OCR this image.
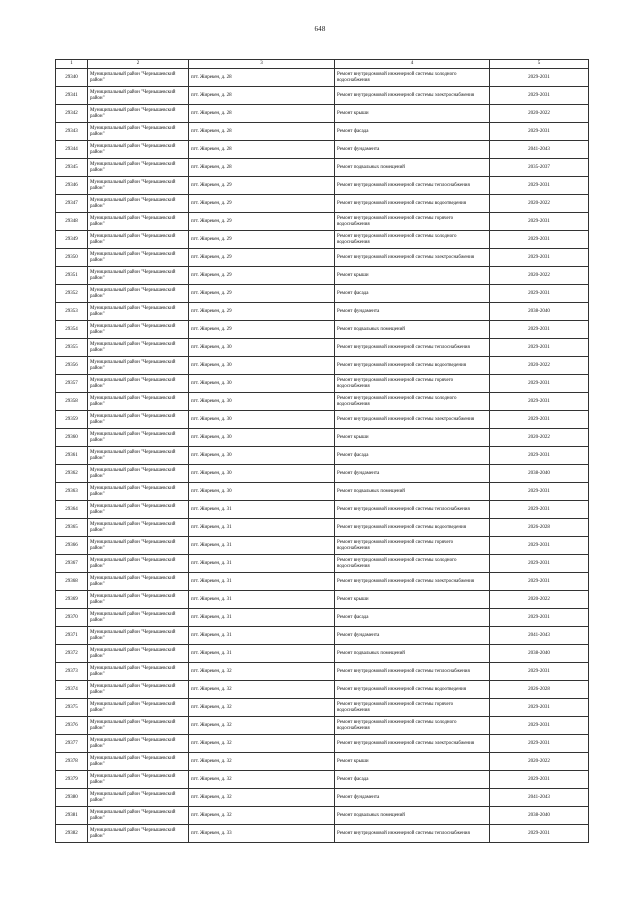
648
1	2	3	4	5
29340	Муниципальный район "Чернышевский район"	пгт. Жирекен, д. 28	Ремонт внутридомовой инженерной системы холодного водоснабжения	2029-2031
29341	Муниципальный район "Чернышевский район"	пгт. Жирекен, д. 28	Ремонт внутридомовой инженерной системы электроснабжения	2029-2031
29342	Муниципальный район "Чернышевский район"	пгт. Жирекен, д. 28	Ремонт крыши	2020-2022
29343	Муниципальный район "Чернышевский район"	пгт. Жирекен, д. 28	Ремонт фасада	2029-2031
29344	Муниципальный район "Чернышевский район"	пгт. Жирекен, д. 28	Ремонт фундамента	2041-2043
29345	Муниципальный район "Чернышевский район"	пгт. Жирекен, д. 28	Ремонт подвальных помещений	2035-2037
29346	Муниципальный район "Чернышевский район"	пгт. Жирекен, д. 29	Ремонт внутридомовой инженерной системы теплоснабжения	2029-2031
29347	Муниципальный район "Чернышевский район"	пгт. Жирекен, д. 29	Ремонт внутридомовой инженерной системы водоотведения	2020-2022
29348	Муниципальный район "Чернышевский район"	пгт. Жирекен, д. 29	Ремонт внутридомовой инженерной системы горячего водоснабжения	2029-2031
29349	Муниципальный район "Чернышевский район"	пгт. Жирекен, д. 29	Ремонт внутридомовой инженерной системы холодного водоснабжения	2029-2031
29350	Муниципальный район "Чернышевский район"	пгт. Жирекен, д. 29	Ремонт внутридомовой инженерной системы электроснабжения	2029-2031
29351	Муниципальный район "Чернышевский район"	пгт. Жирекен, д. 29	Ремонт крыши	2020-2022
29352	Муниципальный район "Чернышевский район"	пгт. Жирекен, д. 29	Ремонт фасада	2029-2031
29353	Муниципальный район "Чернышевский район"	пгт. Жирекен, д. 29	Ремонт фундамента	2038-2040
29354	Муниципальный район "Чернышевский район"	пгт. Жирекен, д. 29	Ремонт подвальных помещений	2029-2031
29355	Муниципальный район "Чернышевский район"	пгт. Жирекен, д. 30	Ремонт внутридомовой инженерной системы теплоснабжения	2029-2031
29356	Муниципальный район "Чернышевский район"	пгт. Жирекен, д. 30	Ремонт внутридомовой инженерной системы водоотведения	2020-2022
29357	Муниципальный район "Чернышевский район"	пгт. Жирекен, д. 30	Ремонт внутридомовой инженерной системы горячего водоснабжения	2029-2031
29358	Муниципальный район "Чернышевский район"	пгт. Жирекен, д. 30	Ремонт внутридомовой инженерной системы холодного водоснабжения	2029-2031
29359	Муниципальный район "Чернышевский район"	пгт. Жирекен, д. 30	Ремонт внутридомовой инженерной системы электроснабжения	2029-2031
29360	Муниципальный район "Чернышевский район"	пгт. Жирекен, д. 30	Ремонт крыши	2020-2022
29361	Муниципальный район "Чернышевский район"	пгт. Жирекен, д. 30	Ремонт фасада	2029-2031
29362	Муниципальный район "Чернышевский район"	пгт. Жирекен, д. 30	Ремонт фундамента	2038-2040
29363	Муниципальный район "Чернышевский район"	пгт. Жирекен, д. 30	Ремонт подвальных помещений	2029-2031
29364	Муниципальный район "Чернышевский район"	пгт. Жирекен, д. 31	Ремонт внутридомовой инженерной системы теплоснабжения	2029-2031
29365	Муниципальный район "Чернышевский район"	пгт. Жирекен, д. 31	Ремонт внутридомовой инженерной системы водоотведения	2026-2028
29366	Муниципальный район "Чернышевский район"	пгт. Жирекен, д. 31	Ремонт внутридомовой инженерной системы горячего водоснабжения	2029-2031
29367	Муниципальный район "Чернышевский район"	пгт. Жирекен, д. 31	Ремонт внутридомовой инженерной системы холодного водоснабжения	2029-2031
29368	Муниципальный район "Чернышевский район"	пгт. Жирекен, д. 31	Ремонт внутридомовой инженерной системы электроснабжения	2029-2031
29369	Муниципальный район "Чернышевский район"	пгт. Жирекен, д. 31	Ремонт крыши	2020-2022
29370	Муниципальный район "Чернышевский район"	пгт. Жирекен, д. 31	Ремонт фасада	2029-2031
29371	Муниципальный район "Чернышевский район"	пгт. Жирекен, д. 31	Ремонт фундамента	2041-2043
29372	Муниципальный район "Чернышевский район"	пгт. Жирекен, д. 31	Ремонт подвальных помещений	2038-2040
29373	Муниципальный район "Чернышевский район"	пгт. Жирекен, д. 32	Ремонт внутридомовой инженерной системы теплоснабжения	2029-2031
29374	Муниципальный район "Чернышевский район"	пгт. Жирекен, д. 32	Ремонт внутридомовой инженерной системы водоотведения	2026-2028
29375	Муниципальный район "Чернышевский район"	пгт. Жирекен, д. 32	Ремонт внутридомовой инженерной системы горячего водоснабжения	2029-2031
29376	Муниципальный район "Чернышевский район"	пгт. Жирекен, д. 32	Ремонт внутридомовой инженерной системы холодного водоснабжения	2029-2031
29377	Муниципальный район "Чернышевский район"	пгт. Жирекен, д. 32	Ремонт внутридомовой инженерной системы электроснабжения	2029-2031
29378	Муниципальный район "Чернышевский район"	пгт. Жирекен, д. 32	Ремонт крыши	2020-2022
29379	Муниципальный район "Чернышевский район"	пгт. Жирекен, д. 32	Ремонт фасада	2029-2031
29380	Муниципальный район "Чернышевский район"	пгт. Жирекен, д. 32	Ремонт фундамента	2041-2043
29381	Муниципальный район "Чернышевский район"	пгт. Жирекен, д. 32	Ремонт подвальных помещений	2038-2040
29382	Муниципальный район "Чернышевский район"	пгт. Жирекен, д. 33	Ремонт внутридомовой инженерной системы теплоснабжения	2029-2031
